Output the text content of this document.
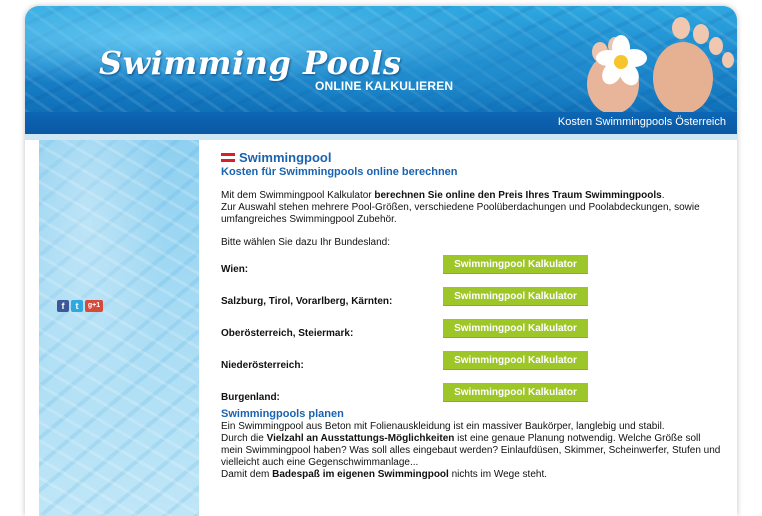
Swimming Pools
ONLINE KALKULIEREN
Kosten Swimmingpools Österreich
f	t	g+1
Swimmingpool
Kosten für Swimmingpools online berechnen
Mit dem Swimmingpool Kalkulator berechnen Sie online den Preis Ihres Traum Swimmingpools.
Zur Auswahl stehen mehrere Pool-Größen, verschiedene Poolüberdachungen und Poolabdeckungen, sowie umfangreiches Swimmingpool Zubehör.
Bitte wählen Sie dazu Ihr Bundesland:
Wien:	Swimmingpool Kalkulator
Salzburg, Tirol, Vorarlberg, Kärnten:	Swimmingpool Kalkulator
Oberösterreich, Steiermark:	Swimmingpool Kalkulator
Niederösterreich:	Swimmingpool Kalkulator
Burgenland:	Swimmingpool Kalkulator
Swimmingpools planen
Ein Swimmingpool aus Beton mit Folienauskleidung ist ein massiver Baukörper, langlebig und stabil.
Durch die Vielzahl an Ausstattungs-Möglichkeiten ist eine genaue Planung notwendig. Welche Größe soll mein Swimmingpool haben? Was soll alles eingebaut werden? Einlaufdüsen, Skimmer, Scheinwerfer, Stufen und vielleicht auch eine Gegenschwimmanlage...
Damit dem Badespaß im eigenen Swimmingpool nichts im Wege steht.
